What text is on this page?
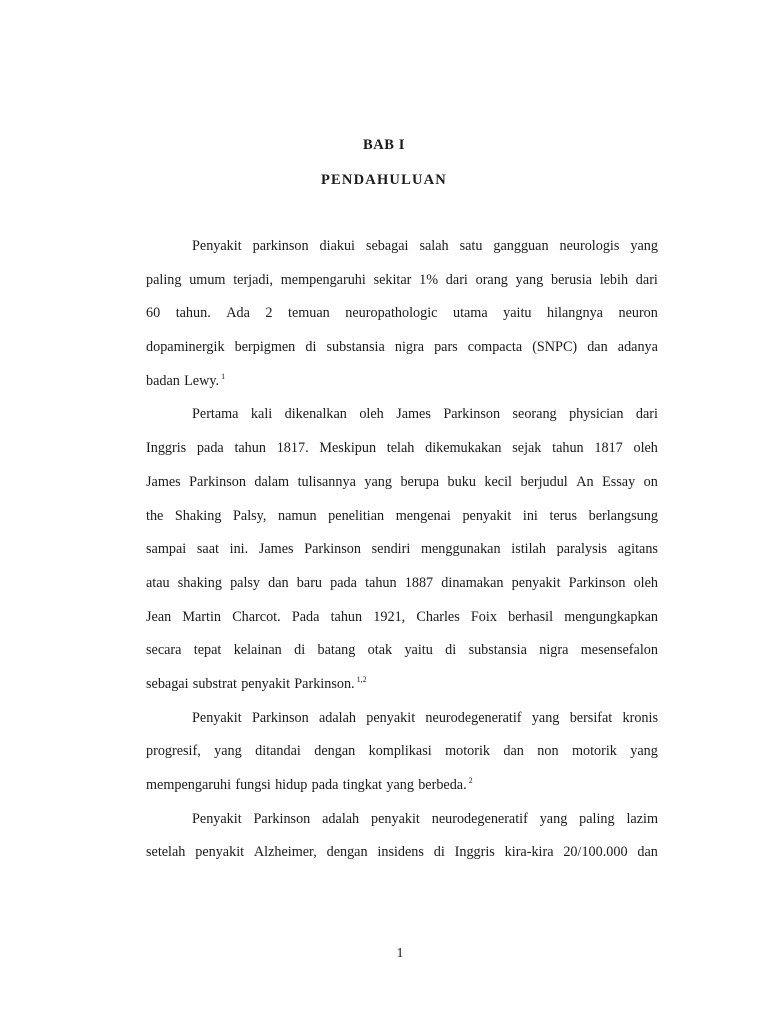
BAB I
PENDAHULUAN
Penyakit parkinson diakui sebagai salah satu gangguan neurologis yang
paling umum terjadi, mempengaruhi sekitar 1% dari orang yang berusia lebih dari
60 tahun. Ada 2 temuan neuropathologic utama yaitu hilangnya neuron
dopaminergik berpigmen di substansia nigra pars compacta (SNPC) dan adanya
badan Lewy. $^1$
Pertama kali dikenalkan oleh James Parkinson seorang physician dari
Inggris pada tahun 1817. Meskipun telah dikemukakan sejak tahun 1817 oleh
James Parkinson dalam tulisannya yang berupa buku kecil berjudul An Essay on
the Shaking Palsy, namun penelitian mengenai penyakit ini terus berlangsung
sampai saat ini. James Parkinson sendiri menggunakan istilah paralysis agitans
atau shaking palsy dan baru pada tahun 1887 dinamakan penyakit Parkinson oleh
Jean Martin Charcot. Pada tahun 1921, Charles Foix berhasil mengungkapkan
secara tepat kelainan di batang otak yaitu di substansia nigra mesensefalon
sebagai substrat penyakit Parkinson. $^{1,2}$
Penyakit Parkinson adalah penyakit neurodegeneratif yang bersifat kronis
progresif, yang ditandai dengan komplikasi motorik dan non motorik yang
mempengaruhi fungsi hidup pada tingkat yang berbeda. $^2$
Penyakit Parkinson adalah penyakit neurodegeneratif yang paling lazim
setelah penyakit Alzheimer, dengan insidens di Inggris kira-kira 20/100.000 dan
1
